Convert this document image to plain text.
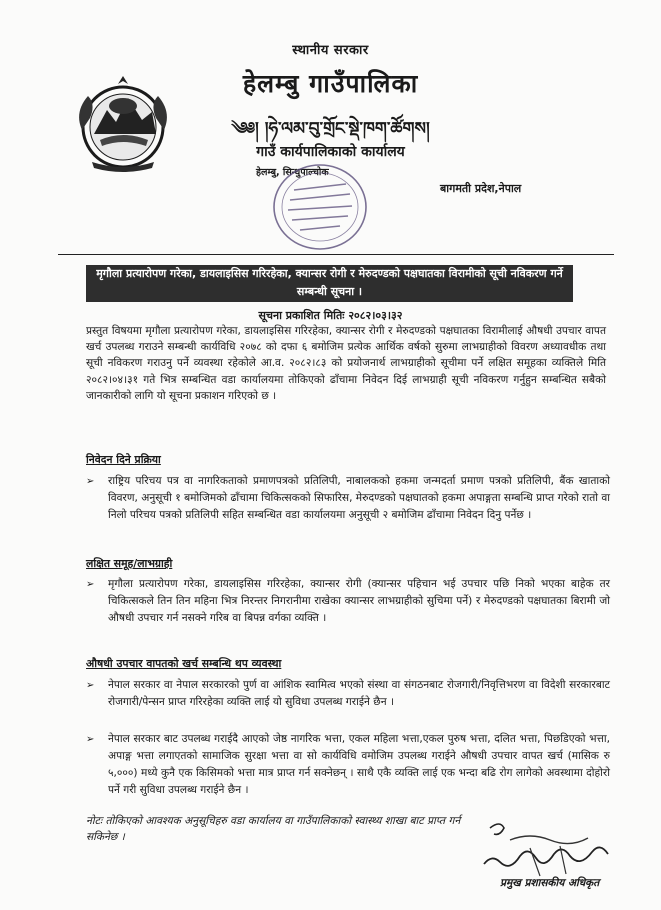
स्थानीय सरकार
हेलम्बु गाउँपालिका
༄༅། །ཧེ་ལམ་བུ་གྲོང་སྡེ་ཁག་ཚོགས།
गाउँ कार्यपालिकाको कार्यालय
हेलम्बु, सिन्धुपाल्चोक
बागमती प्रदेश,नेपाल
मृगौला प्रत्यारोपण गरेका, डायलाइसिस गरिरहेका, क्यान्सर रोगी र मेरुदण्डको पक्षघातका विरामीको सूची नविकरण गर्ने सम्बन्धी सूचना ।
सूचना प्रकाशित मितिः २०८२।०३।३२
प्रस्तुत विषयमा मृगौला प्रत्यारोपण गरेका, डायलाइसिस गरिरहेका, क्यान्सर रोगी र मेरुदण्डको पक्षघातका विरामीलाई औषधी उपचार वापत खर्च उपलब्ध गराउने सम्बन्धी कार्यविधि २०७८ को दफा ६ बमोजिम प्रत्येक आर्थिक वर्षको सुरुमा लाभग्राहीको विवरण अध्यावधीक तथा सूची नविकरण गराउनु पर्ने व्यवस्था रहेकोले आ.व. २०८२।८३ को प्रयोजनार्थ लाभग्राहीको सूचीमा पर्ने लक्षित समूहका व्यक्तिले मिति २०८२।०४।३१ गते भित्र सम्बन्धित वडा कार्यालयमा तोकिएको ढाँचामा निवेदन दिई लाभग्राही सूची नविकरण गर्नुहुन सम्बन्धित सबैको जानकारीको लागि यो सूचना प्रकाशन गरिएको छ ।
निवेदन दिने प्रक्रिया
➢ राष्ट्रिय परिचय पत्र वा नागरिकताको प्रमाणपत्रको प्रतिलिपी, नाबालकको हकमा जन्मदर्ता प्रमाण पत्रको प्रतिलिपी, बैंक खाताको विवरण, अनुसूची १ बमोजिमको ढाँचामा चिकित्सकको सिफारिस, मेरुदण्डको पक्षघातको हकमा अपाङ्गता सम्बन्धि प्राप्त गरेको रातो वा निलो परिचय पत्रको प्रतिलिपी सहित सम्बन्धित वडा कार्यालयमा अनुसूची २ बमोजिम ढाँचामा निवेदन दिनु पर्नेछ ।
लक्षित समूह/लाभग्राही
➢ मृगौला प्रत्यारोपण गरेका, डायलाइसिस गरिरहेका, क्यान्सर रोगी (क्यान्सर पहिचान भई उपचार पछि निको भएका बाहेक तर चिकित्सकले तिन तिन महिना भित्र निरन्तर निगरानीमा राखेका क्यान्सर लाभग्राहीको सुचिमा पर्ने) र मेरुदण्डको पक्षघातका बिरामी जो औषधी उपचार गर्न नसक्ने गरिब वा बिपन्न वर्गका व्यक्ति ।
औषधी उपचार वापतको खर्च सम्बन्धि थप व्यवस्था
➢ नेपाल सरकार वा नेपाल सरकारको पुर्ण वा आंशिक स्वामित्व भएको संस्था वा संगठनबाट रोजगारी/निवृत्तिभरण वा विदेशी सरकारबाट रोजगारी/पेन्सन प्राप्त गरिरहेका व्यक्ति लाई यो सुविधा उपलब्ध गराईने छैन ।
➢ नेपाल सरकार बाट उपलब्ध गराईदै आएको जेष्ठ नागरिक भत्ता, एकल महिला भत्ता,एकल पुरुष भत्ता, दलित भत्ता, पिछडिएको भत्ता, अपाङ्ग भत्ता लगाएतको सामाजिक सुरक्षा भत्ता वा सो कार्यविधि वमोजिम उपलब्ध गराईने औषधी उपचार वापत खर्च (मासिक रु ५,०००) मध्ये कुनै एक किसिमको भत्ता मात्र प्राप्त गर्न सक्नेछन् । साथै एकै व्यक्ति लाई एक भन्दा बढि रोग लागेको अवस्थामा दोहोरो पर्ने गरी सुविधा उपलब्ध गराईने छैन ।
नोटः तोकिएको आवश्यक अनुसूचिहरु वडा कार्यालय वा गाउँपालिकाको स्वास्थ्य शाखा बाट प्राप्त गर्न सकिनेछ ।
प्रमुख प्रशासकीय अधिकृत
